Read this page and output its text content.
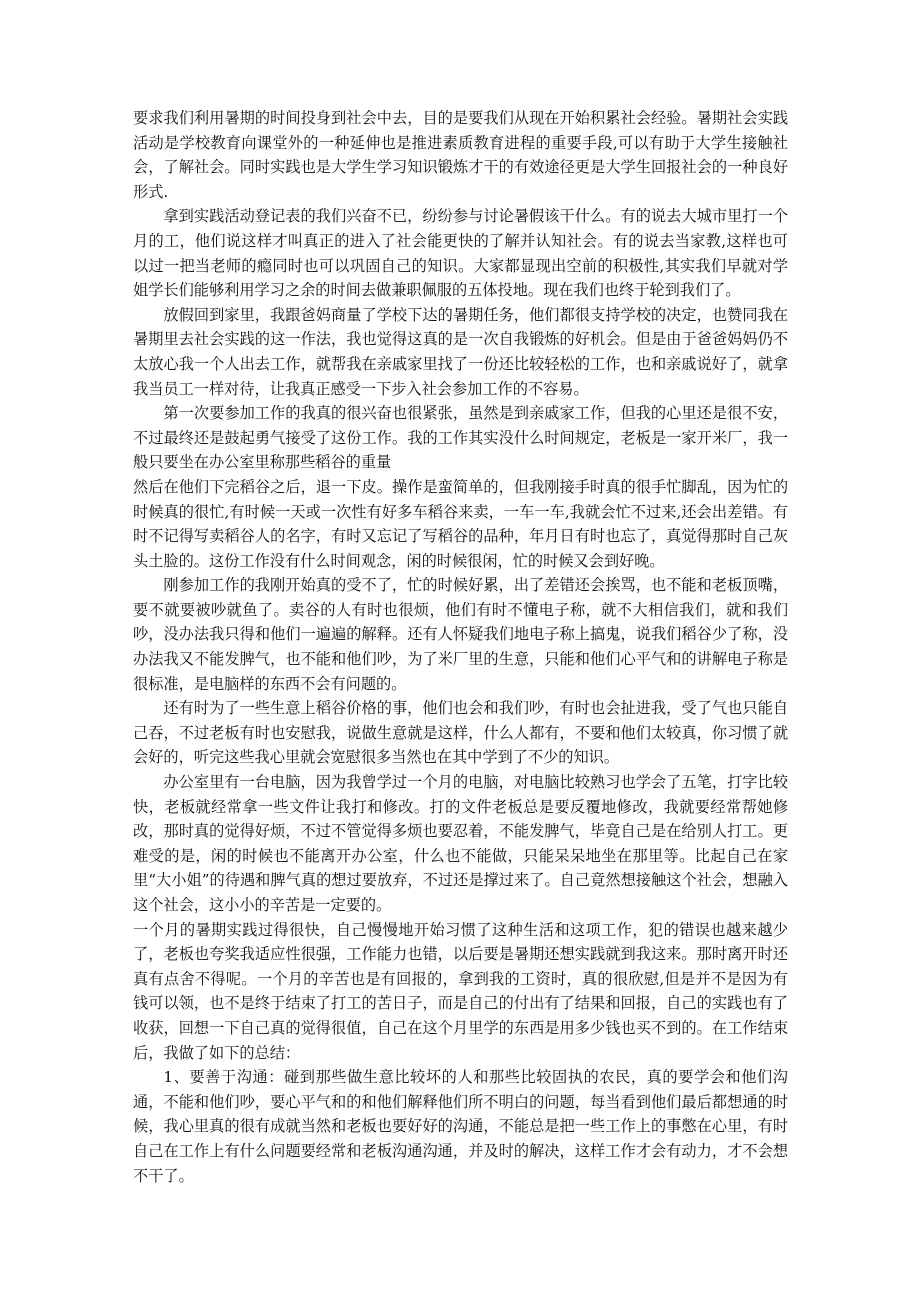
要求我们利用暑期的时间投身到社会中去，目的是要我们从现在开始积累社会经验。暑期社会实践活动是学校教育向课堂外的一种延伸也是推进素质教育进程的重要手段,可以有助于大学生接触社会，了解社会。同时实践也是大学生学习知识锻炼才干的有效途径更是大学生回报社会的一种良好形式.

拿到实践活动登记表的我们兴奋不已，纷纷参与讨论暑假该干什么。有的说去大城市里打一个月的工，他们说这样才叫真正的进入了社会能更快的了解并认知社会。有的说去当家教,这样也可以过一把当老师的瘾同时也可以巩固自己的知识。大家都显现出空前的积极性,其实我们早就对学姐学长们能够利用学习之余的时间去做兼职佩服的五体投地。现在我们也终于轮到我们了。

放假回到家里，我跟爸妈商量了学校下达的暑期任务，他们都很支持学校的决定，也赞同我在暑期里去社会实践的这一作法，我也觉得这真的是一次自我锻炼的好机会。但是由于爸爸妈妈仍不太放心我一个人出去工作，就帮我在亲戚家里找了一份还比较轻松的工作，也和亲戚说好了，就拿我当员工一样对待，让我真正感受一下步入社会参加工作的不容易。

第一次要参加工作的我真的很兴奋也很紧张，虽然是到亲戚家工作，但我的心里还是很不安，不过最终还是鼓起勇气接受了这份工作。我的工作其实没什么时间规定，老板是一家开米厂，我一般只要坐在办公室里称那些稻谷的重量

然后在他们下完稻谷之后，退一下皮。操作是蛮简单的，但我刚接手时真的很手忙脚乱，因为忙的时候真的很忙,有时候一天或一次性有好多车稻谷来卖，一车一车,我就会忙不过来,还会出差错。有时不记得写卖稻谷人的名字，有时又忘记了写稻谷的品种，年月日有时也忘了，真觉得那时自己灰头土脸的。这份工作没有什么时间观念，闲的时候很闲，忙的时候又会到好晚。

刚参加工作的我刚开始真的受不了，忙的时候好累，出了差错还会挨骂，也不能和老板顶嘴，要不就要被吵就鱼了。卖谷的人有时也很烦，他们有时不懂电子称，就不大相信我们，就和我们吵，没办法我只得和他们一遍遍的解释。还有人怀疑我们地电子称上搞鬼，说我们稻谷少了称，没办法我又不能发脾气，也不能和他们吵，为了米厂里的生意，只能和他们心平气和的讲解电子称是很标准，是电脑样的东西不会有问题的。

还有时为了一些生意上稻谷价格的事，他们也会和我们吵，有时也会扯进我，受了气也只能自己吞，不过老板有时也安慰我，说做生意就是这样，什么人都有，不要和他们太较真，你习惯了就会好的，听完这些我心里就会宽慰很多当然也在其中学到了不少的知识。

办公室里有一台电脑，因为我曾学过一个月的电脑，对电脑比较熟习也学会了五笔，打字比较快，老板就经常拿一些文件让我打和修改。打的文件老板总是要反覆地修改，我就要经常帮她修改，那时真的觉得好烦，不过不管觉得多烦也要忍着，不能发脾气，毕竟自己是在给别人打工。更难受的是，闲的时候也不能离开办公室，什么也不能做，只能呆呆地坐在那里等。比起自己在家里“大小姐”的待遇和脾气真的想过要放弃，不过还是撑过来了。自己竟然想接触这个社会，想融入这个社会，这小小的辛苦是一定要的。

一个月的暑期实践过得很快，自己慢慢地开始习惯了这种生活和这项工作，犯的错误也越来越少了，老板也夸奖我适应性很强，工作能力也错，以后要是暑期还想实践就到我这来。那时离开时还真有点舍不得呢。一个月的辛苦也是有回报的，拿到我的工资时，真的很欣慰,但是并不是因为有钱可以领，也不是终于结束了打工的苦日子，而是自己的付出有了结果和回报，自己的实践也有了收获，回想一下自己真的觉得很值，自己在这个月里学的东西是用多少钱也买不到的。在工作结束后，我做了如下的总结：

1、要善于沟通：碰到那些做生意比较坏的人和那些比较固执的农民，真的要学会和他们沟通，不能和他们吵，要心平气和的和他们解释他们所不明白的问题，每当看到他们最后都想通的时候，我心里真的很有成就当然和老板也要好好的沟通，不能总是把一些工作上的事憋在心里，有时自己在工作上有什么问题要经常和老板沟通沟通，并及时的解决，这样工作才会有动力，才不会想不干了。
